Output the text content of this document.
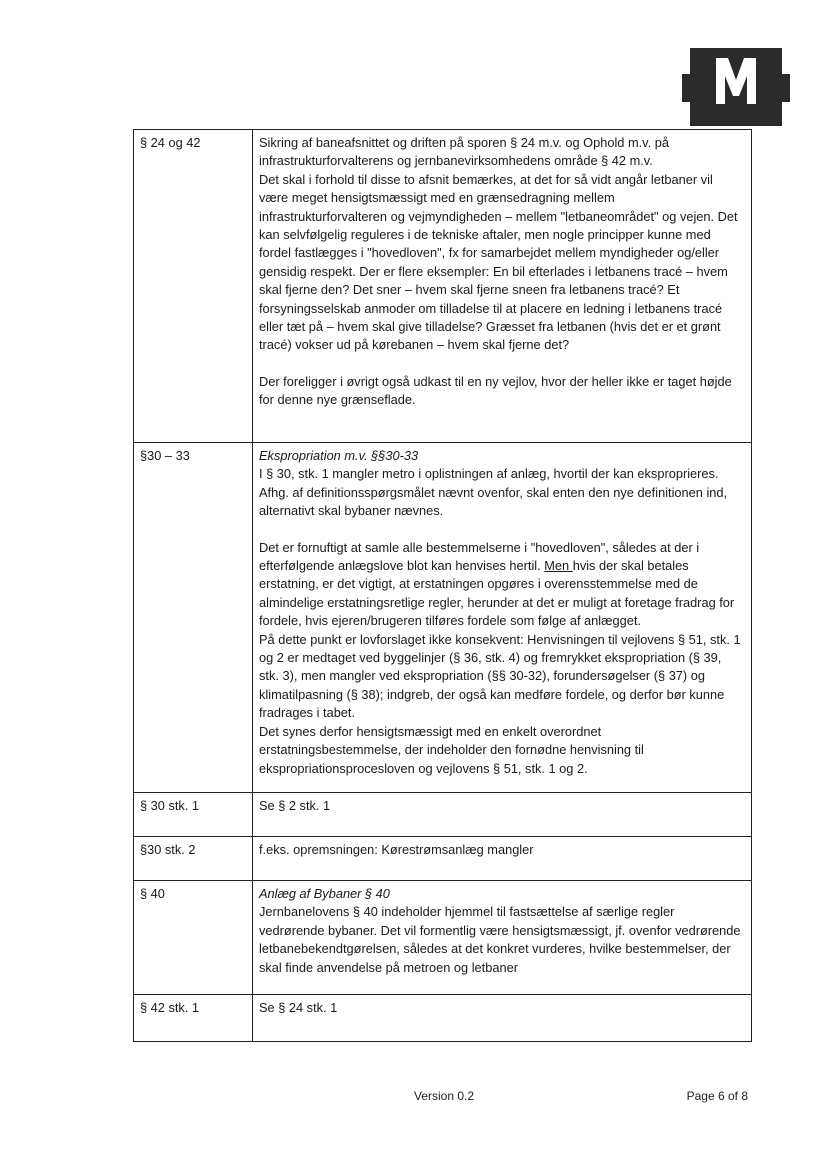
§ 24 og 42	Sikring af baneafsnittet og driften på sporen § 24 m.v. og Ophold m.v. på infrastrukturforvalterens og jernbanevirksomhedens område § 42 m.v.

Det skal i forhold til disse to afsnit bemærkes, at det for så vidt angår letbaner vil være meget hensigtsmæssigt med en grænsedragning mellem infrastrukturforvalteren og vejmyndigheden – mellem "letbaneområdet" og vejen. Det kan selvfølgelig reguleres i de tekniske aftaler, men nogle principper kunne med fordel fastlægges i "hovedloven", fx for samarbejdet mellem myndigheder og/eller gensidig respekt. Der er flere eksempler: En bil efterlades i letbanens tracé – hvem skal fjerne den? Det sner – hvem skal fjerne sneen fra letbanens tracé? Et forsyningsselskab anmoder om tilladelse til at placere en ledning i letbanens tracé eller tæt på – hvem skal give tilladelse? Græsset fra letbanen (hvis det er et grønt tracé) vokser ud på kørebanen – hvem skal fjerne det?

Der foreligger i øvrigt også udkast til en ny vejlov, hvor der heller ikke er taget højde for denne nye grænseflade.

§30 – 33	Ekspropriation m.v. §§30-33

I § 30, stk. 1 mangler metro i oplistningen af anlæg, hvortil der kan eksproprieres. Afhg. af definitionsspørgsmålet nævnt ovenfor, skal enten den nye definitionen ind, alternativt skal bybaner nævnes.

Det er fornuftigt at samle alle bestemmelserne i "hovedloven", således at der i efterfølgende anlægslove blot kan henvises hertil. Men hvis der skal betales erstatning, er det vigtigt, at erstatningen opgøres i overensstemmelse med de almindelige erstatningsretlige regler, herunder at det er muligt at foretage fradrag for fordele, hvis ejeren/brugeren tilføres fordele som følge af anlægget.

På dette punkt er lovforslaget ikke konsekvent: Henvisningen til vejlovens § 51, stk. 1 og 2 er medtaget ved byggelinjer (§ 36, stk. 4) og fremrykket ekspropriation (§ 39, stk. 3), men mangler ved ekspropriation (§§ 30-32), forundersøgelser (§ 37) og klimatilpasning (§ 38); indgreb, der også kan medføre fordele, og derfor bør kunne fradrages i tabet.

Det synes derfor hensigtsmæssigt med en enkelt overordnet erstatningsbestemmelse, der indeholder den fornødne henvisning til ekspropriationsprocesloven og vejlovens § 51, stk. 1 og 2.

§ 30 stk. 1	Se § 2 stk. 1
§30 stk. 2	f.eks. opremsningen: Kørestrømsanlæg mangler
§ 40	Anlæg af Bybaner § 40

Jernbanelovens § 40 indeholder hjemmel til fastsættelse af særlige regler vedrørende bybaner. Det vil formentlig være hensigtsmæssigt, jf. ovenfor vedrørende letbanebekendtgørelsen, således at det konkret vurderes, hvilke bestemmelser, der skal finde anvendelse på metroen og letbaner

§ 42 stk. 1	Se § 24 stk. 1
Version 0.2	Page 6 of 8
